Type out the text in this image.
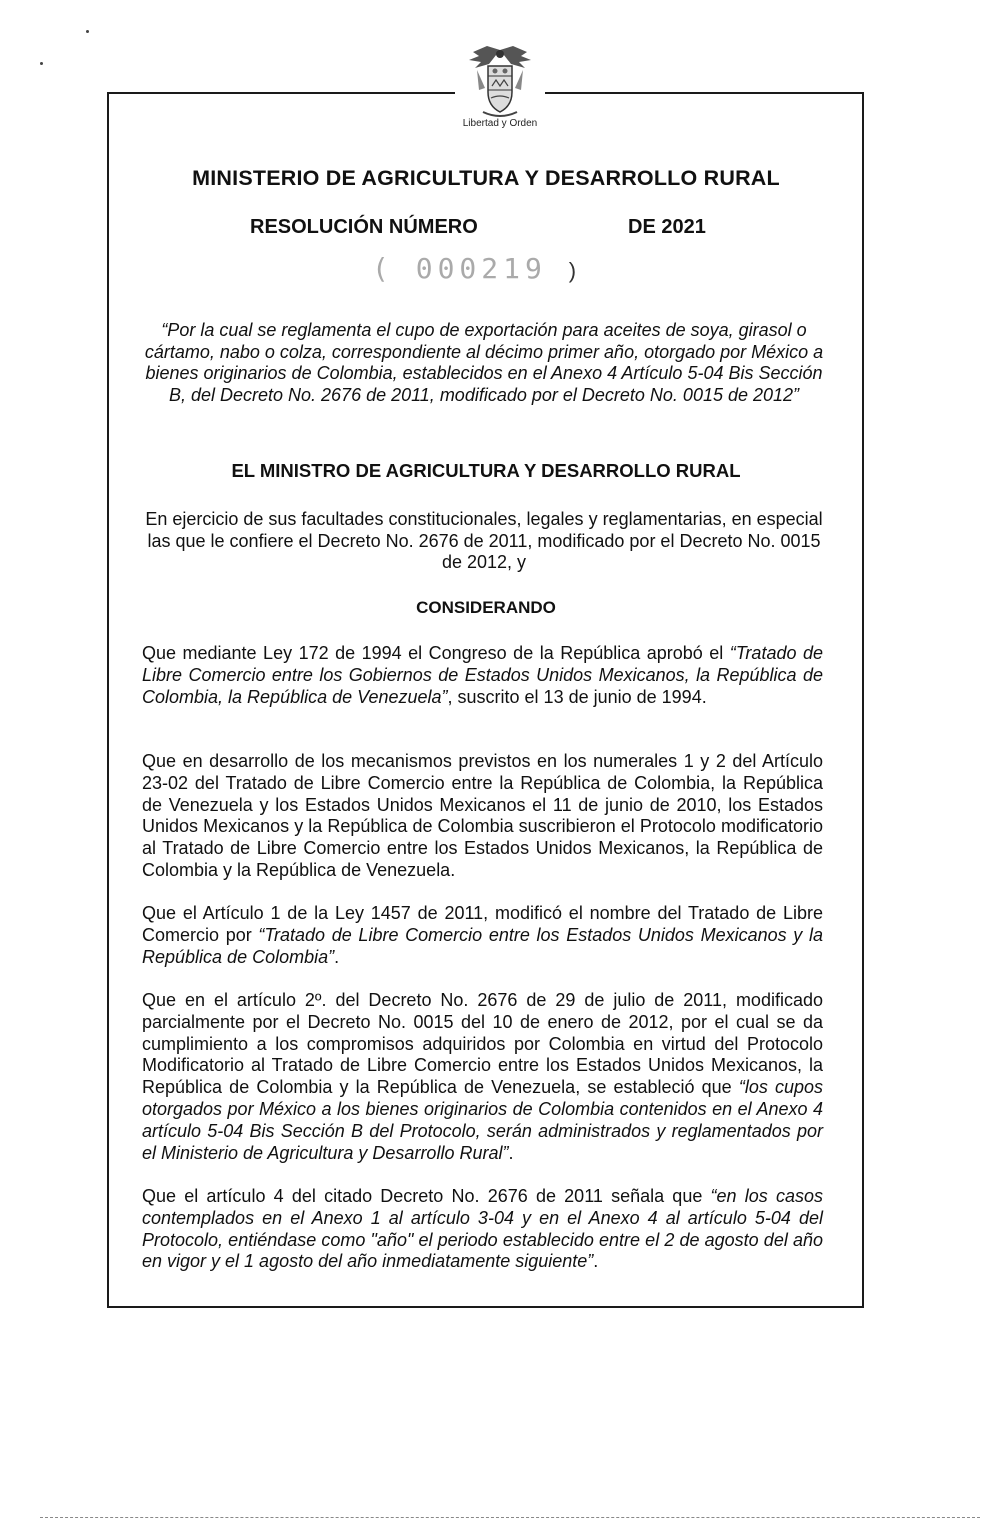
Libertad y Orden
MINISTERIO DE AGRICULTURA Y DESARROLLO RURAL
RESOLUCIÓN NÚMERO	DE 2021
( 000219 )
“Por la cual se reglamenta el cupo de exportación para aceites de soya, girasol o cártamo, nabo o colza, correspondiente al décimo primer año, otorgado por México a bienes originarios de Colombia, establecidos en el Anexo 4 Artículo 5-04 Bis Sección B, del Decreto No. 2676 de 2011, modificado por el Decreto No. 0015 de 2012”
EL MINISTRO DE AGRICULTURA Y DESARROLLO RURAL
En ejercicio de sus facultades constitucionales, legales y reglamentarias, en especial las que le confiere el Decreto No. 2676 de 2011, modificado por el Decreto No. 0015 de 2012, y
CONSIDERANDO
Que mediante Ley 172 de 1994 el Congreso de la República aprobó el “Tratado de Libre Comercio entre los Gobiernos de Estados Unidos Mexicanos, la República de Colombia, la República de Venezuela”, suscrito el 13 de junio de 1994.
Que en desarrollo de los mecanismos previstos en los numerales 1 y 2 del Artículo 23-02 del Tratado de Libre Comercio entre la República de Colombia, la República de Venezuela y los Estados Unidos Mexicanos el 11 de junio de 2010, los Estados Unidos Mexicanos y la República de Colombia suscribieron el Protocolo modificatorio al Tratado de Libre Comercio entre los Estados Unidos Mexicanos, la República de Colombia y la República de Venezuela.
Que el Artículo 1 de la Ley 1457 de 2011, modificó el nombre del Tratado de Libre Comercio por “Tratado de Libre Comercio entre los Estados Unidos Mexicanos y la República de Colombia”.
Que en el artículo 2º. del Decreto No. 2676 de 29 de julio de 2011, modificado parcialmente por el Decreto No. 0015 del 10 de enero de 2012, por el cual se da cumplimiento a los compromisos adquiridos por Colombia en virtud del Protocolo Modificatorio al Tratado de Libre Comercio entre los Estados Unidos Mexicanos, la República de Colombia y la República de Venezuela, se estableció que “los cupos otorgados por México a los bienes originarios de Colombia contenidos en el Anexo 4 artículo 5-04 Bis Sección B del Protocolo, serán administrados y reglamentados por el Ministerio de Agricultura y Desarrollo Rural”.
Que el artículo 4 del citado Decreto No. 2676 de 2011 señala que “en los casos contemplados en el Anexo 1 al artículo 3-04 y en el Anexo 4 al artículo 5-04 del Protocolo, entiéndase como "año" el periodo establecido entre el 2 de agosto del año en vigor y el 1 agosto del año inmediatamente siguiente”.
